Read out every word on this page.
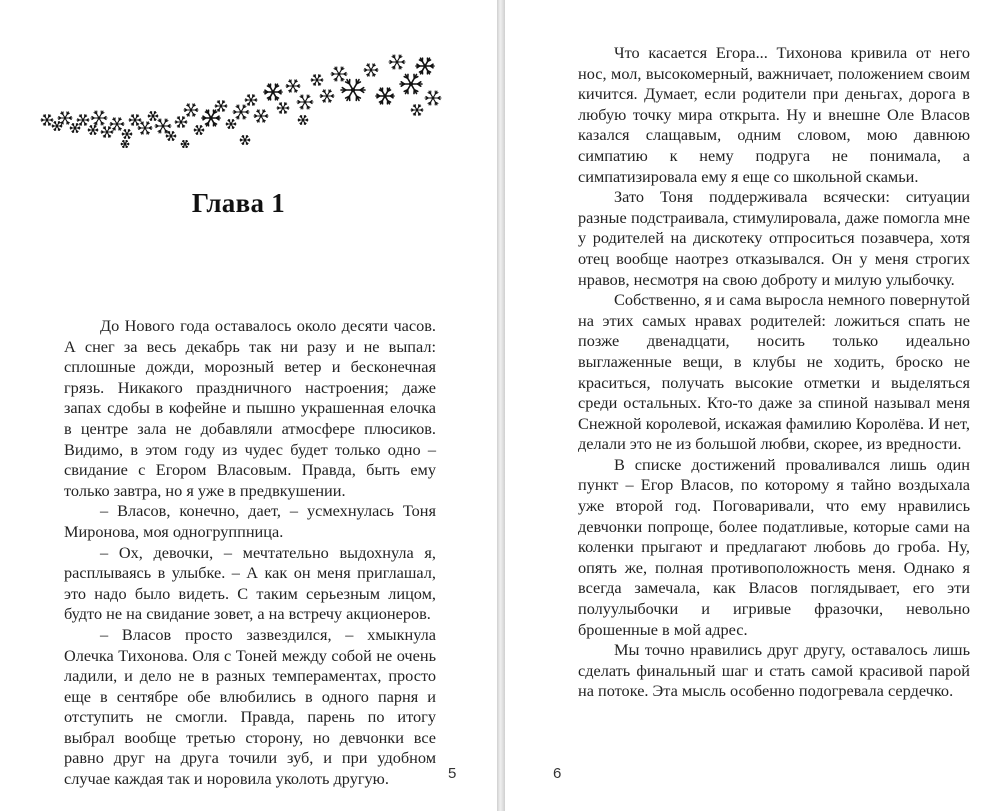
Глава 1

До Нового года оставалось около десяти часов. А снег за весь декабрь так ни разу и не выпал: сплошные дожди, морозный ветер и бесконечная грязь. Никакого праздничного настроения; даже запах сдобы в кофейне и пышно украшенная елочка в центре зала не добавляли атмосфере плюсиков. Видимо, в этом году из чудес будет только одно – свидание с Егором Власовым. Правда, быть ему только завтра, но я уже в предвкушении.

– Власов, конечно, дает, – усмехнулась Тоня Миронова, моя одногруппница.

– Ох, девочки, – мечтательно выдохнула я, расплываясь в улыбке. – А как он меня приглашал, это надо было видеть. С таким серьезным лицом, будто не на свидание зовет, а на встречу акционеров.

– Власов просто зазвездился, – хмыкнула Олечка Тихонова. Оля с Тоней между собой не очень ладили, и дело не в разных темпераментах, просто еще в сентябре обе влюбились в одного парня и отступить не смогли. Правда, парень по итогу выбрал вообще третью сторону, но девчонки все равно друг на друга точили зуб, и при удобном случае каждая так и норовила уколоть другую.	5

Что касается Егора... Тихонова кривила от него нос, мол, высокомерный, важничает, положением своим кичится. Думает, если родители при деньгах, дорога в любую точку мира открыта. Ну и внешне Оле Власов казался слащавым, одним словом, мою давнюю симпатию к нему подруга не понимала, а симпатизировала ему я еще со школьной скамьи.

Зато Тоня поддерживала всячески: ситуации разные подстраивала, стимулировала, даже помогла мне у родителей на дискотеку отпроситься позавчера, хотя отец вообще наотрез отказывался. Он у меня строгих нравов, несмотря на свою доброту и милую улыбочку.

Собственно, я и сама выросла немного повернутой на этих самых нравах родителей: ложиться спать не позже двенадцати, носить только идеально выглаженные вещи, в клубы не ходить, броско не краситься, получать высокие отметки и выделяться среди остальных. Кто-то даже за спиной называл меня Снежной королевой, искажая фамилию Королёва. И нет, делали это не из большой любви, скорее, из вредности.

В списке достижений проваливался лишь один пункт – Егор Власов, по которому я тайно воздыхала уже второй год. Поговаривали, что ему нравились девчонки попроще, более податливые, которые сами на коленки прыгают и предлагают любовь до гроба. Ну, опять же, полная противоположность меня. Однако я всегда замечала, как Власов поглядывает, его эти полуулыбочки и игривые фразочки, невольно брошенные в мой адрес.

Мы точно нравились друг другу, оставалось лишь сделать финальный шаг и стать самой красивой парой на потоке. Эта мысль особенно подогревала сердечко.

6
